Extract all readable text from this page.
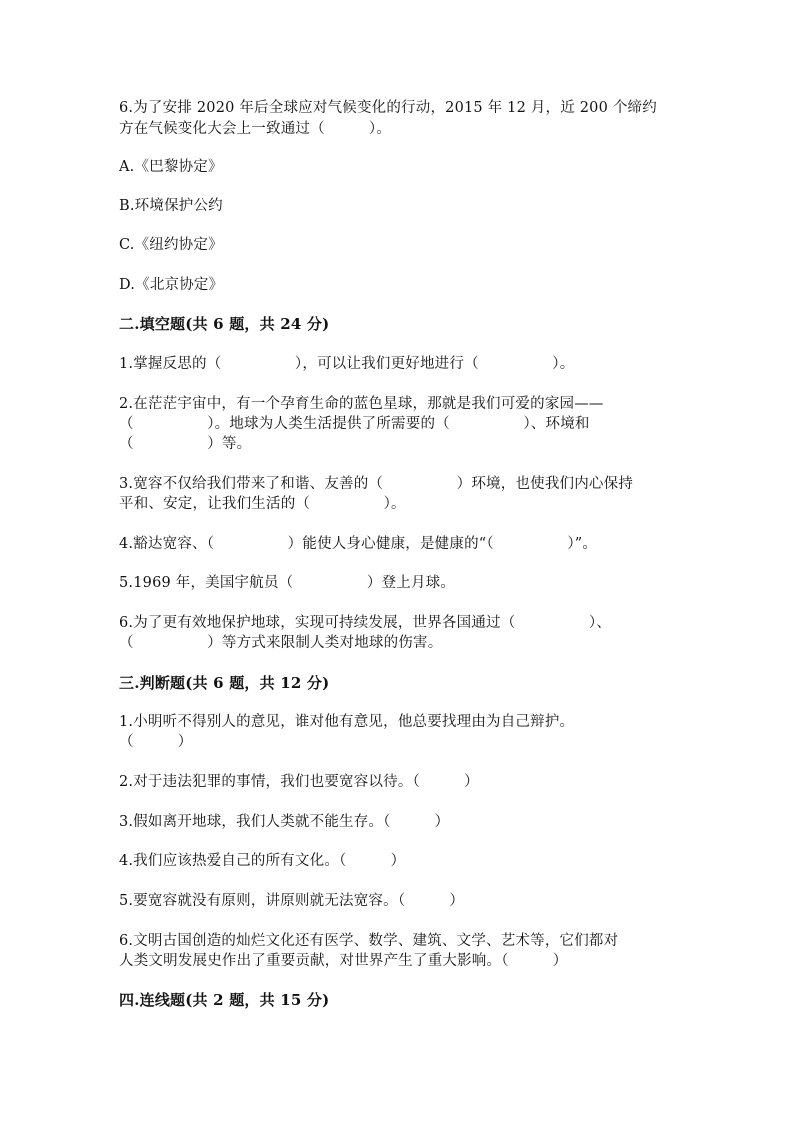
6.为了安排 2020 年后全球应对气候变化的行动，2015 年 12 月，近 200 个缔约
方在气候变化大会上一致通过（　　　）。
A.《巴黎协定》
B.环境保护公约
C.《纽约协定》
D.《北京协定》
二.填空题(共 6 题，共 24 分)
1.掌握反思的（　　　　　），可以让我们更好地进行（　　　　　）。
2.在茫茫宇宙中，有一个孕育生命的蓝色星球，那就是我们可爱的家园——
（　　　　　）。地球为人类生活提供了所需要的（　　　　　）、环境和
（　　　　　）等。
3.宽容不仅给我们带来了和谐、友善的（　　　　　）环境，也使我们内心保持
平和、安定，让我们生活的（　　　　　）。
4.豁达宽容、（　　　　　）能使人身心健康，是健康的“（　　　　　）”。
5.1969 年，美国宇航员（　　　　　）登上月球。
6.为了更有效地保护地球，实现可持续发展，世界各国通过（　　　　　）、
（　　　　　）等方式来限制人类对地球的伤害。
三.判断题(共 6 题，共 12 分)
1.小明听不得别人的意见，谁对他有意见，他总要找理由为自己辩护。
（　　　）
2.对于违法犯罪的事情，我们也要宽容以待。（　　　）
3.假如离开地球，我们人类就不能生存。（　　　）
4.我们应该热爱自己的所有文化。（　　　）
5.要宽容就没有原则，讲原则就无法宽容。（　　　）
6.文明古国创造的灿烂文化还有医学、数学、建筑、文学、艺术等，它们都对
人类文明发展史作出了重要贡献，对世界产生了重大影响。（　　　）
四.连线题(共 2 题，共 15 分)
